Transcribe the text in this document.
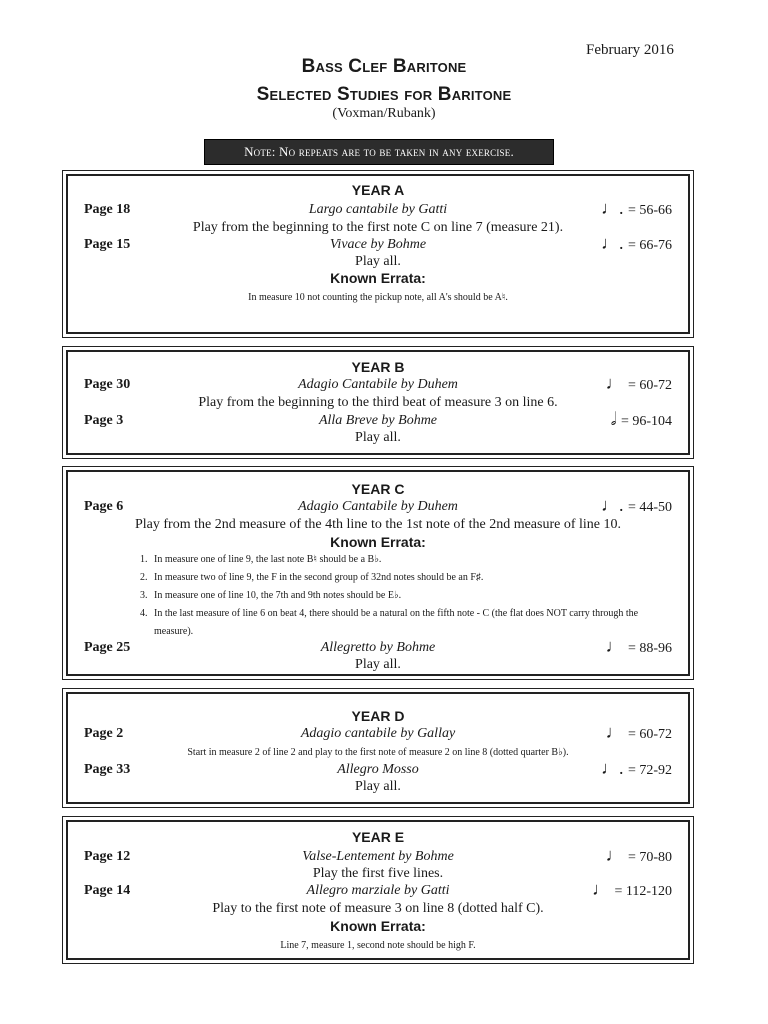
February 2016
Bass Clef Baritone
Selected Studies for Baritone
(Voxman/Rubank)
Note: No repeats are to be taken in any exercise.
YEAR A
Page 18	Largo cantabile by Gatti	♩. = 56-66
Play from the beginning to the first note C on line 7 (measure 21).
Page 15	Vivace by Bohme	♩. = 66-76
Play all.
Known Errata:
In measure 10 not counting the pickup note, all A's should be A♮.
YEAR B
Page 30	Adagio Cantabile by Duhem	♩ = 60-72
Play from the beginning to the third beat of measure 3 on line 6.
Page 3	Alla Breve by Bohme	𝅗𝅥 = 96-104
Play all.
YEAR C
Page 6	Adagio Cantabile by Duhem	♩. = 44-50
Play from the 2nd measure of the 4th line to the 1st note of the 2nd measure of line 10.
Known Errata:
1. In measure one of line 9, the last note B♮ should be a B♭.
2. In measure two of line 9, the F in the second group of 32nd notes should be an F♯.
3. In measure one of line 10, the 7th and 9th notes should be E♭.
4. In the last measure of line 6 on beat 4, there should be a natural on the fifth note - C (the flat does NOT carry through the measure).
Page 25	Allegretto by Bohme	♩ = 88-96
Play all.
YEAR D
Page 2	Adagio cantabile by Gallay	♩ = 60-72
Start in measure 2 of line 2 and play to the first note of measure 2 on line 8 (dotted quarter B♭).
Page 33	Allegro Mosso	♩. = 72-92
Play all.
YEAR E
Page 12	Valse-Lentement by Bohme	♩ = 70-80
Play the first five lines.
Page 14	Allegro marziale by Gatti	♩ = 112-120
Play to the first note of measure 3 on line 8 (dotted half C).
Known Errata:
Line 7, measure 1, second note should be high F.
